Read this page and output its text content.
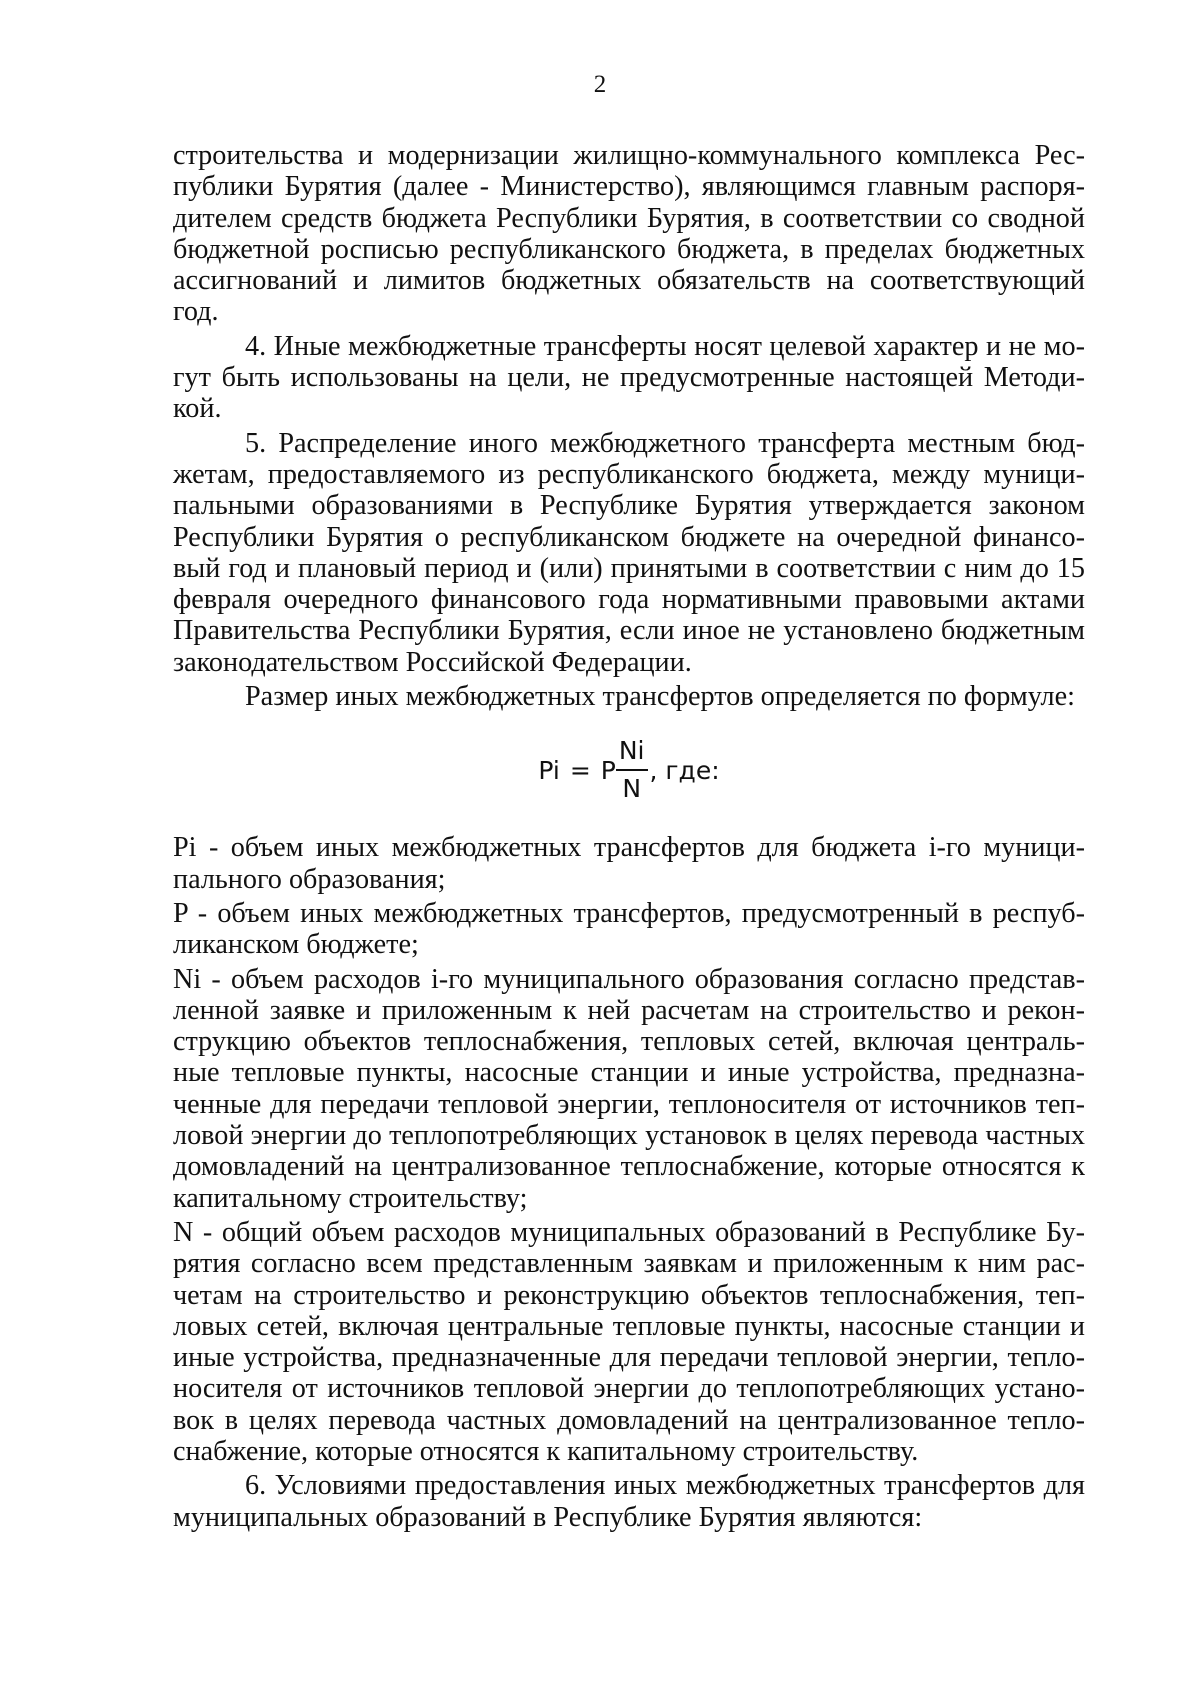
2

строительства и модернизации жилищно-коммунального комплекса Республики Бурятия (далее - Министерство), являющимся главным распорядителем средств бюджета Республики Бурятия, в соответствии со сводной бюджетной росписью республиканского бюджета, в пределах бюджетных ассигнований и лимитов бюджетных обязательств на соответствующий год.

4. Иные межбюджетные трансферты носят целевой характер и не могут быть использованы на цели, не предусмотренные настоящей Методикой.

5. Распределение иного межбюджетного трансферта местным бюджетам, предоставляемого из республиканского бюджета, между муниципальными образованиями в Республике Бурятия утверждается законом Республики Бурятия о республиканском бюджете на очередной финансовый год и плановый период и (или) принятыми в соответствии с ним до 15 февраля очередного финансового года нормативными правовыми актами Правительства Республики Бурятия, если иное не установлено бюджетным законодательством Российской Федерации.

Размер иных межбюджетных трансфертов определяется по формуле:

Pi = P $\frac{Ni}{N}$ , где:

Pi - объем иных межбюджетных трансфертов для бюджета i-го муниципального образования;

P - объем иных межбюджетных трансфертов, предусмотренный в республиканском бюджете;

Ni - объем расходов i-го муниципального образования согласно представленной заявке и приложенным к ней расчетам на строительство и реконструкцию объектов теплоснабжения, тепловых сетей, включая центральные тепловые пункты, насосные станции и иные устройства, предназначенные для передачи тепловой энергии, теплоносителя от источников тепловой энергии до теплопотребляющих установок в целях перевода частных домовладений на централизованное теплоснабжение, которые относятся к капитальному строительству;

N - общий объем расходов муниципальных образований в Республике Бурятия согласно всем представленным заявкам и приложенным к ним расчетам на строительство и реконструкцию объектов теплоснабжения, тепловых сетей, включая центральные тепловые пункты, насосные станции и иные устройства, предназначенные для передачи тепловой энергии, теплоносителя от источников тепловой энергии до теплопотребляющих установок в целях перевода частных домовладений на централизованное теплоснабжение, которые относятся к капитальному строительству.

6. Условиями предоставления иных межбюджетных трансфертов для муниципальных образований в Республике Бурятия являются:
